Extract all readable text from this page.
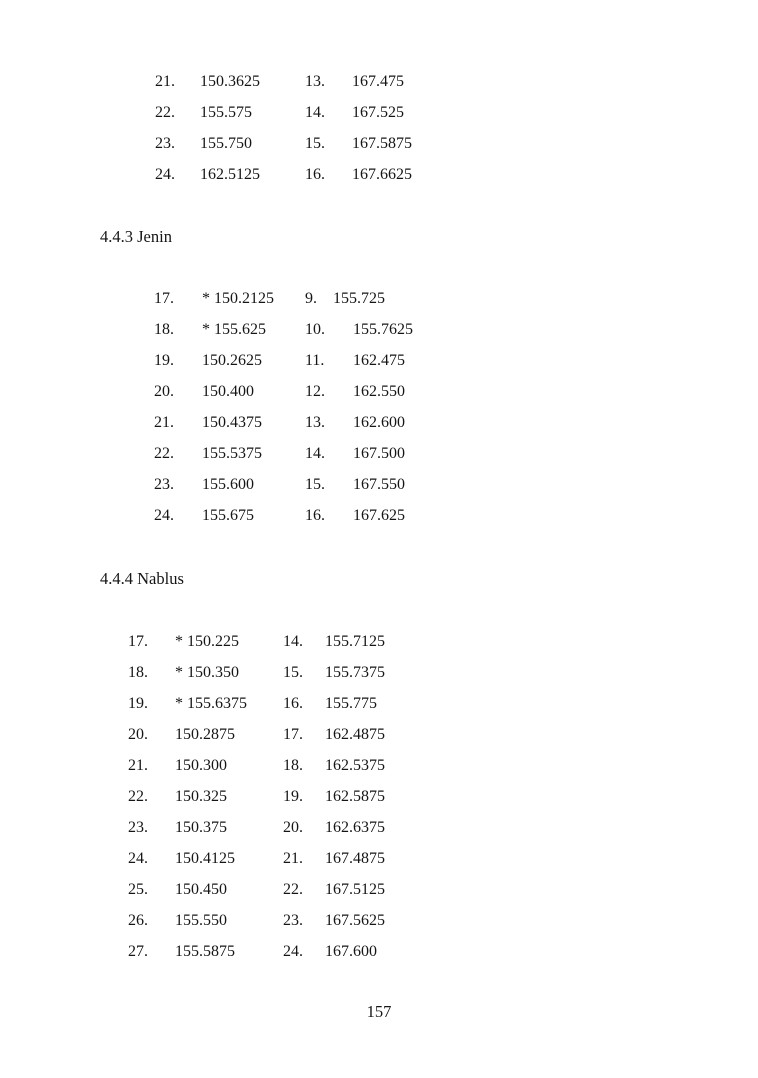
21.	150.3625	13.	167.475
22.	155.575	14.	167.525
23.	155.750	15.	167.5875
24.	162.5125	16.	167.6625
4.4.3 Jenin
17.	* 150.2125	9.	155.725
18.	* 155.625	10.	155.7625
19.	150.2625	11.	162.475
20.	150.400	12.	162.550
21.	150.4375	13.	162.600
22.	155.5375	14.	167.500
23.	155.600	15.	167.550
24.	155.675	16.	167.625
4.4.4 Nablus
17.	* 150.225	14.	155.7125
18.	* 150.350	15.	155.7375
19.	* 155.6375	16.	155.775
20.	150.2875	17.	162.4875
21.	150.300	18.	162.5375
22.	150.325	19.	162.5875
23.	150.375	20.	162.6375
24.	150.4125	21.	167.4875
25.	150.450	22.	167.5125
26.	155.550	23.	167.5625
27.	155.5875	24.	167.600
157
